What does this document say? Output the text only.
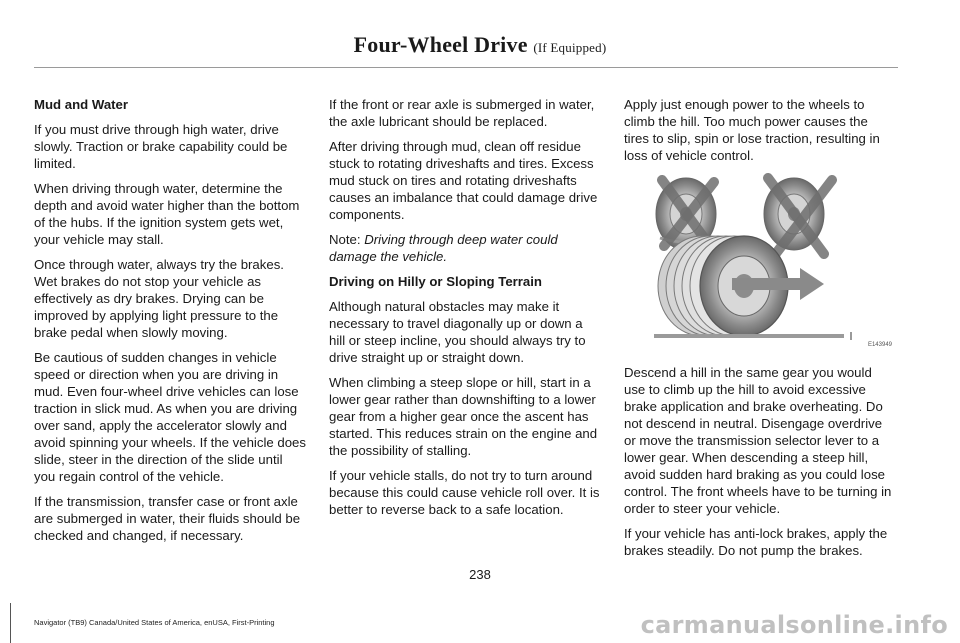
Four-Wheel Drive (If Equipped)

Mud and Water

If you must drive through high water, drive slowly. Traction or brake capability could be limited.

When driving through water, determine the depth and avoid water higher than the bottom of the hubs. If the ignition system gets wet, your vehicle may stall.

Once through water, always try the brakes. Wet brakes do not stop your vehicle as effectively as dry brakes. Drying can be improved by applying light pressure to the brake pedal when slowly moving.

Be cautious of sudden changes in vehicle speed or direction when you are driving in mud. Even four-wheel drive vehicles can lose traction in slick mud. As when you are driving over sand, apply the accelerator slowly and avoid spinning your wheels. If the vehicle does slide, steer in the direction of the slide until you regain control of the vehicle.

If the transmission, transfer case or front axle are submerged in water, their fluids should be checked and changed, if necessary.

If the front or rear axle is submerged in water, the axle lubricant should be replaced.

After driving through mud, clean off residue stuck to rotating driveshafts and tires. Excess mud stuck on tires and rotating driveshafts causes an imbalance that could damage drive components.

Note: Driving through deep water could damage the vehicle.

Driving on Hilly or Sloping Terrain

Although natural obstacles may make it necessary to travel diagonally up or down a hill or steep incline, you should always try to drive straight up or straight down.

When climbing a steep slope or hill, start in a lower gear rather than downshifting to a lower gear from a higher gear once the ascent has started. This reduces strain on the engine and the possibility of stalling.

If your vehicle stalls, do not try to turn around because this could cause vehicle roll over. It is better to reverse back to a safe location.

Apply just enough power to the wheels to climb the hill. Too much power causes the tires to slip, spin or lose traction, resulting in loss of vehicle control.

E143949

Descend a hill in the same gear you would use to climb up the hill to avoid excessive brake application and brake overheating. Do not descend in neutral. Disengage overdrive or move the transmission selector lever to a lower gear. When descending a steep hill, avoid sudden hard braking as you could lose control. The front wheels have to be turning in order to steer your vehicle.

If your vehicle has anti-lock brakes, apply the brakes steadily. Do not pump the brakes.

238
Navigator (TB9) Canada/United States of America, enUSA, First-Printing	carmanualsonline.info
